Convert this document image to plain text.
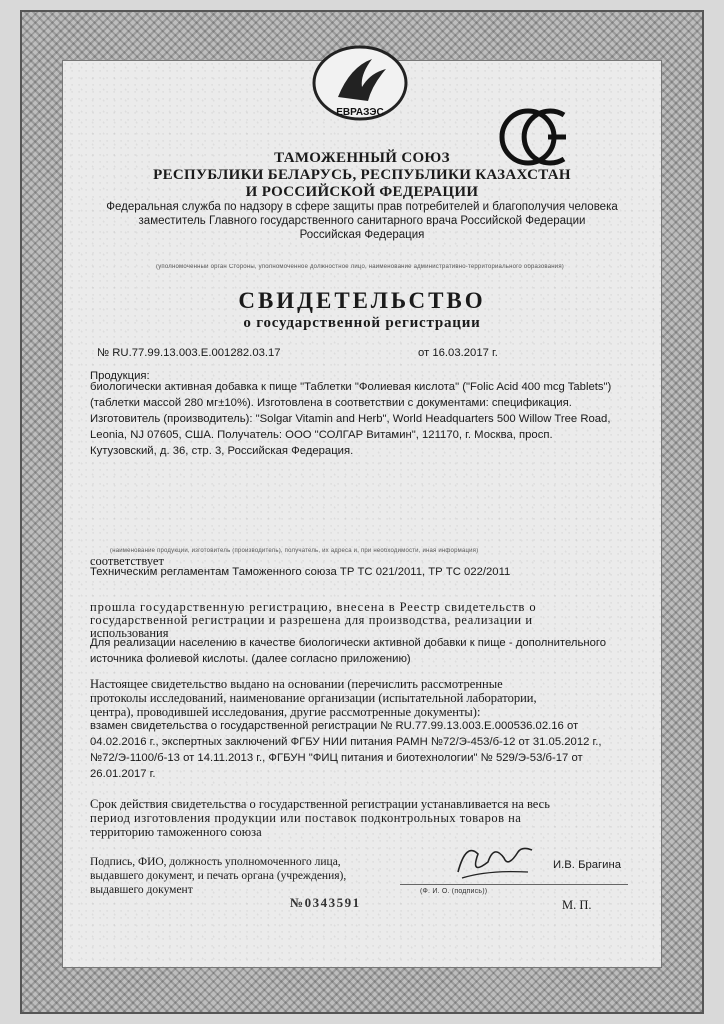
ЕВРАЗЭС
ТАМОЖЕННЫЙ СОЮЗ
РЕСПУБЛИКИ БЕЛАРУСЬ, РЕСПУБЛИКИ КАЗАХСТАН
И РОССИЙСКОЙ ФЕДЕРАЦИИ
Федеральная служба по надзору в сфере защиты прав потребителей и благополучия человека
заместитель Главного государственного санитарного врача Российской Федерации
Российская Федерация
(уполномоченный орган Стороны, уполномоченное должностное лицо, наименование административно-территориального образования)
СВИДЕТЕЛЬСТВО
о государственной регистрации
№ RU.77.99.13.003.Е.001282.03.17	от 16.03.2017 г.
Продукция:
биологически активная добавка к пище "Таблетки "Фолиевая кислота" ("Folic Acid 400 mcg Tablets")
(таблетки массой 280 мг±10%). Изготовлена в соответствии с документами: спецификация.
Изготовитель (производитель): "Solgar Vitamin and Herb", World Headquarters 500 Willow Tree Road,
Leonia, NJ 07605, США. Получатель: ООО "СОЛГАР Витамин", 121170, г. Москва, просп.
Кутузовский, д. 36, стр. 3, Российская Федерация.
(наименование продукции, изготовитель (производитель), получатель, их адреса и, при необходимости, иная информация)
соответствует
Техническим регламентам Таможенного союза ТР ТС 021/2011, ТР ТС 022/2011
прошла государственную регистрацию, внесена в Реестр свидетельств о
государственной регистрации и разрешена для производства, реализации и
использования
Для реализации населению в качестве биологически активной добавки к пище - дополнительного
источника фолиевой кислоты. (далее согласно приложению)
Настоящее свидетельство выдано на основании (перечислить рассмотренные
протоколы исследований, наименование организации (испытательной лаборатории,
центра), проводившей исследования, другие рассмотренные документы):
взамен свидетельства о государственной регистрации № RU.77.99.13.003.Е.000536.02.16 от
04.02.2016 г., экспертных заключений ФГБУ НИИ питания РАМН №72/Э-453/б-12 от 31.05.2012 г.,
№72/Э-1100/б-13 от 14.11.2013 г., ФГБУН "ФИЦ питания и биотехнологии" № 529/Э-53/б-17 от
26.01.2017 г.
Срок действия свидетельства о государственной регистрации устанавливается на весь
период изготовления продукции или поставок подконтрольных товаров на
территорию таможенного союза
Подпись, ФИО, должность уполномоченного лица,
выдавшего документ, и печать органа (учреждения),
выдавшего документ
И.В. Брагина
(Ф. И. О. (подпись))
№0343591	М. П.
